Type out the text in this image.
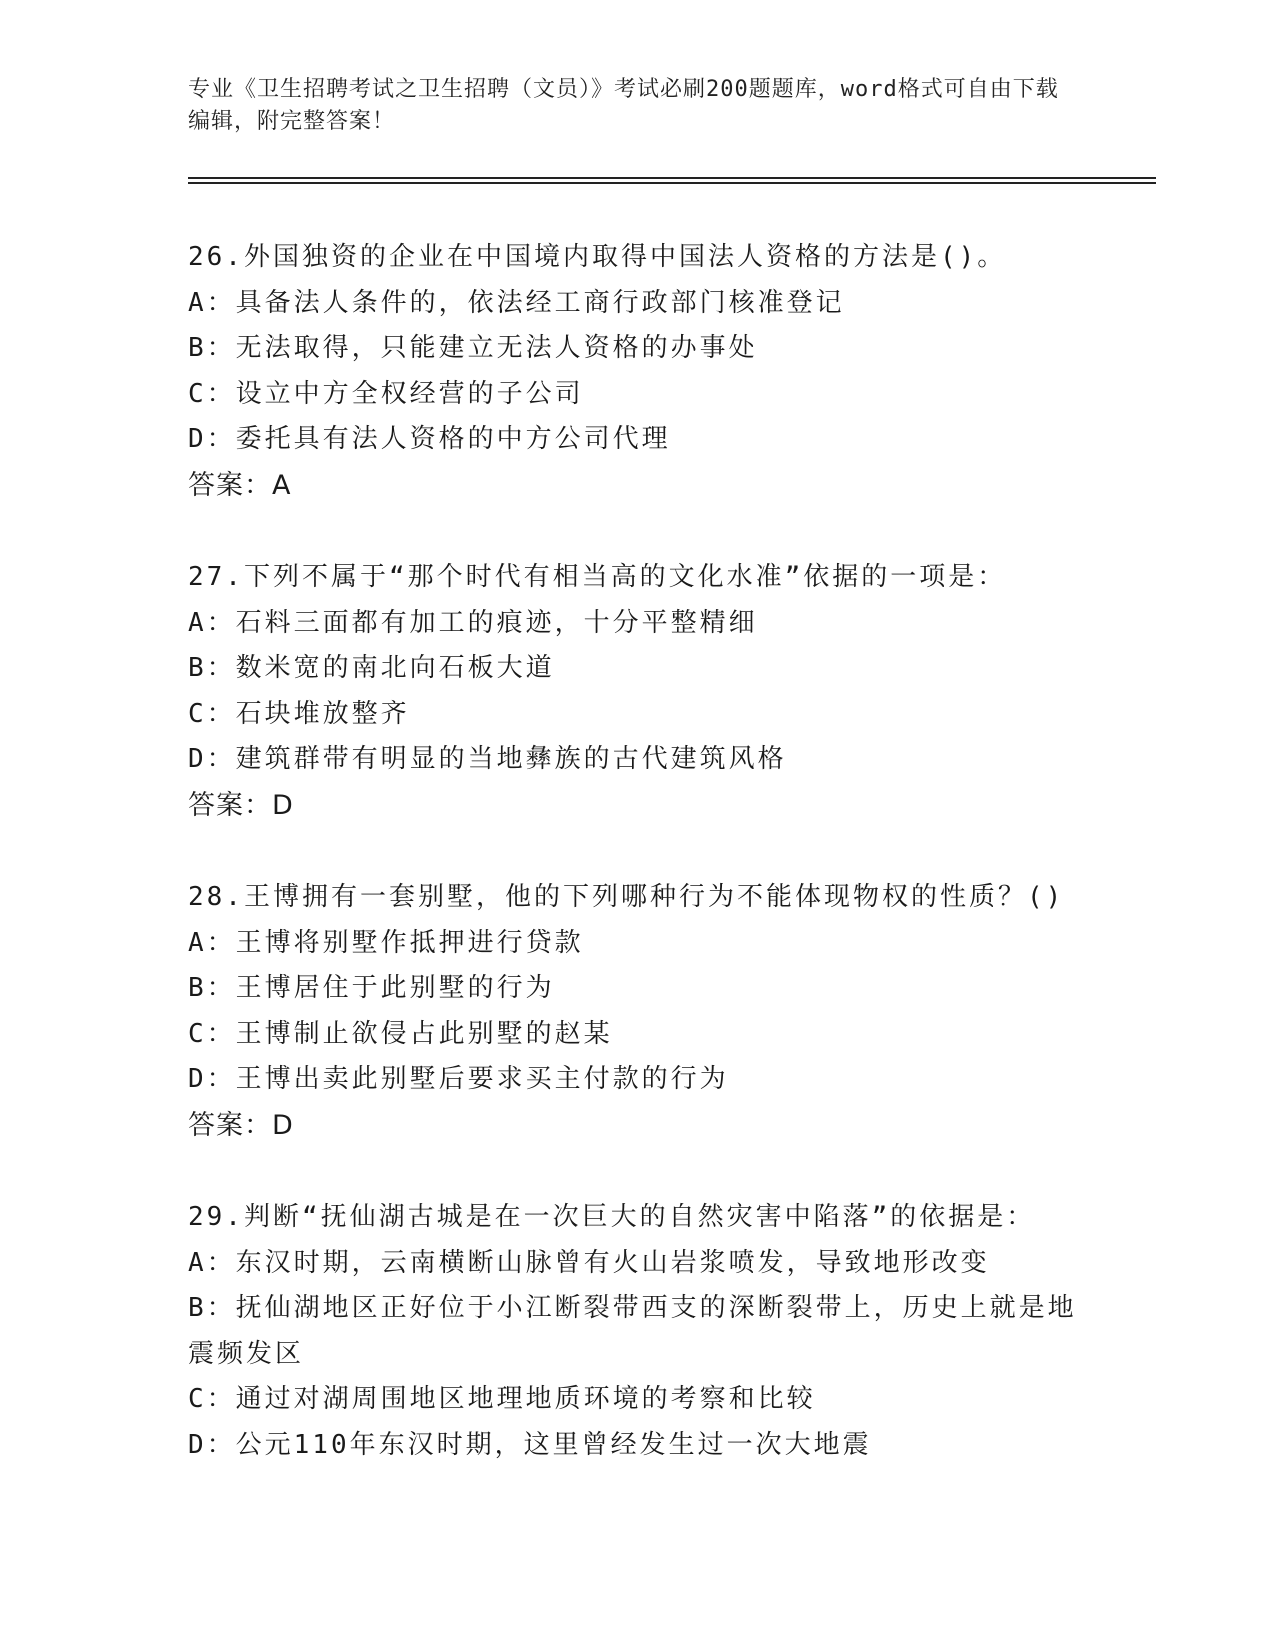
专业《卫生招聘考试之卫生招聘（文员）》考试必刷200题题库，word格式可自由下载编辑，附完整答案！
26.外国独资的企业在中国境内取得中国法人资格的方法是()。
A：具备法人条件的，依法经工商行政部门核准登记
B：无法取得，只能建立无法人资格的办事处
C：设立中方全权经营的子公司
D：委托具有法人资格的中方公司代理
答案：A
27.下列不属于“那个时代有相当高的文化水准”依据的一项是：
A：石料三面都有加工的痕迹，十分平整精细
B：数米宽的南北向石板大道
C：石块堆放整齐
D：建筑群带有明显的当地彝族的古代建筑风格
答案：D
28.王博拥有一套别墅，他的下列哪种行为不能体现物权的性质？()
A：王博将别墅作抵押进行贷款
B：王博居住于此别墅的行为
C：王博制止欲侵占此别墅的赵某
D：王博出卖此别墅后要求买主付款的行为
答案：D
29.判断“抚仙湖古城是在一次巨大的自然灾害中陷落”的依据是：
A：东汉时期，云南横断山脉曾有火山岩浆喷发，导致地形改变
B：抚仙湖地区正好位于小江断裂带西支的深断裂带上，历史上就是地震频发区
C：通过对湖周围地区地理地质环境的考察和比较
D：公元110年东汉时期，这里曾经发生过一次大地震
